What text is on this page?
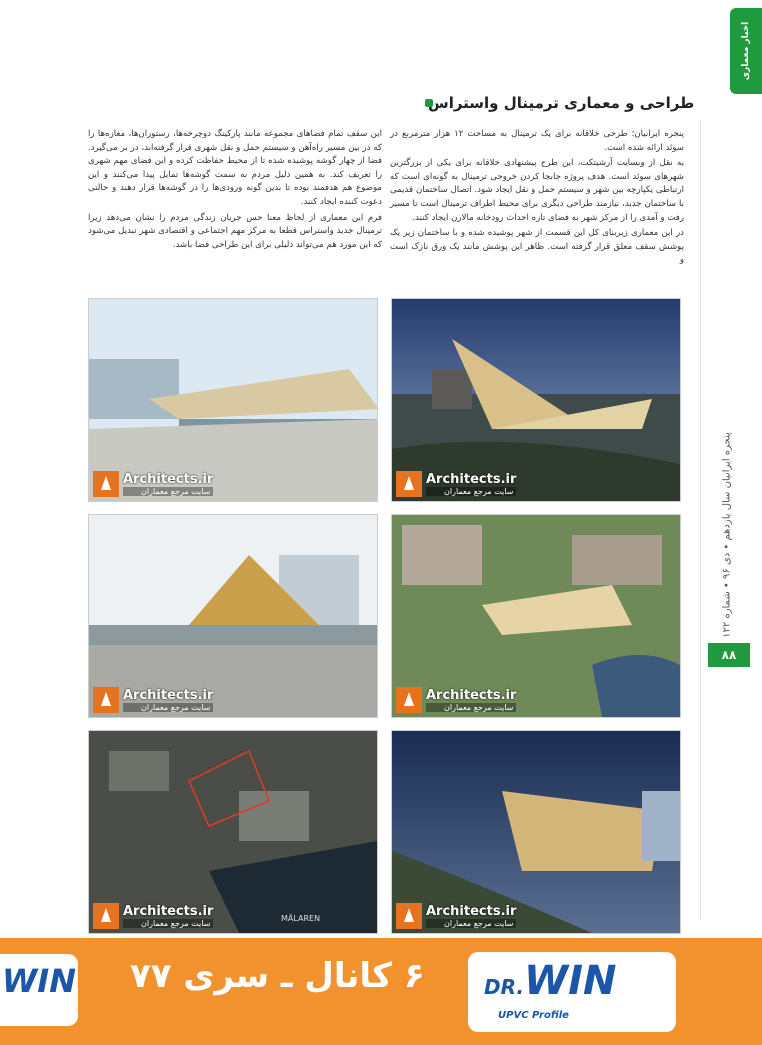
اخبار معماری
پنجره ایرانیان سال یازدهم • دی ۹۶ • شماره ۱۲۲
۸۸
طراحی و معماری ترمینال واستراس

پنجره ایرانیان؛ طرحی خلاقانه برای یک ترمینال به مساحت ۱۲ هزار مترمربع در سوئد ارائه شده است.

به نقل از وبسایت آرشیتکت، این طرح پیشنهادی خلاقانه برای یکی از بزرگترین شهرهای سوئد است. هدف پروژه جابجا کردن خروجی ترمینال به گونه‌ای است که ارتباطی یکپارچه بین شهر و سیستم حمل و نقل ایجاد شود. اتصال ساختمان قدیمی با ساختمان جدید، نیازمند طراحی دیگری برای محیط اطراف ترمینال است تا مسیر رفت و آمدی را از مرکز شهر به فضای تازه احداث رودخانه مالارن ایجاد کنند.

در این معماری زیربنای کل این قسمت از شهر پوشیده شده و با ساختمان زیر یک پوشش سقف معلق قرار گرفته است. ظاهر این پوشش مانند یک ورق نازک است و

این سقف تمام فضاهای مجموعه مانند پارکینگ دوچرخه‌ها، رستوران‌ها، مغازه‌ها را که در بین مسیر راه‌آهن و سیستم حمل و نقل شهری قرار گرفته‌اند، در بر می‌گیرد. فضا از چهار گوشه پوشیده شده تا از محیط حفاظت کرده و این فضای مهم شهری را تعریف کند. به همین دلیل مردم به سمت گوشه‌ها تمایل پیدا می‌کنند و این موضوع هم هدفمند بوده تا بدین گونه ورودی‌ها را در گوشه‌ها قرار دهند و حالتی دعوت کننده ایجاد کنند.

فرم این معماری از لحاظ معنا حس جریان زندگی مردم را نشان می‌دهد زیرا ترمینال جدید واستراس قطعا به مرکز مهم اجتماعی و اقتصادی شهر تبدیل می‌شود که این مورد هم می‌تواند دلیلی برای این طراحی فضا باشد.

Architects.ir
سایت مرجع معماران
Architects.ir
سایت مرجع معماران
Architects.ir
سایت مرجع معماران
Architects.ir
سایت مرجع معماران
Architects.ir
سایت مرجع معماران
MÄLAREN
Architects.ir
سایت مرجع معماران
WIN ۶ کانال ـ سری ۷۷	DR.WIN
UPVC Profile
